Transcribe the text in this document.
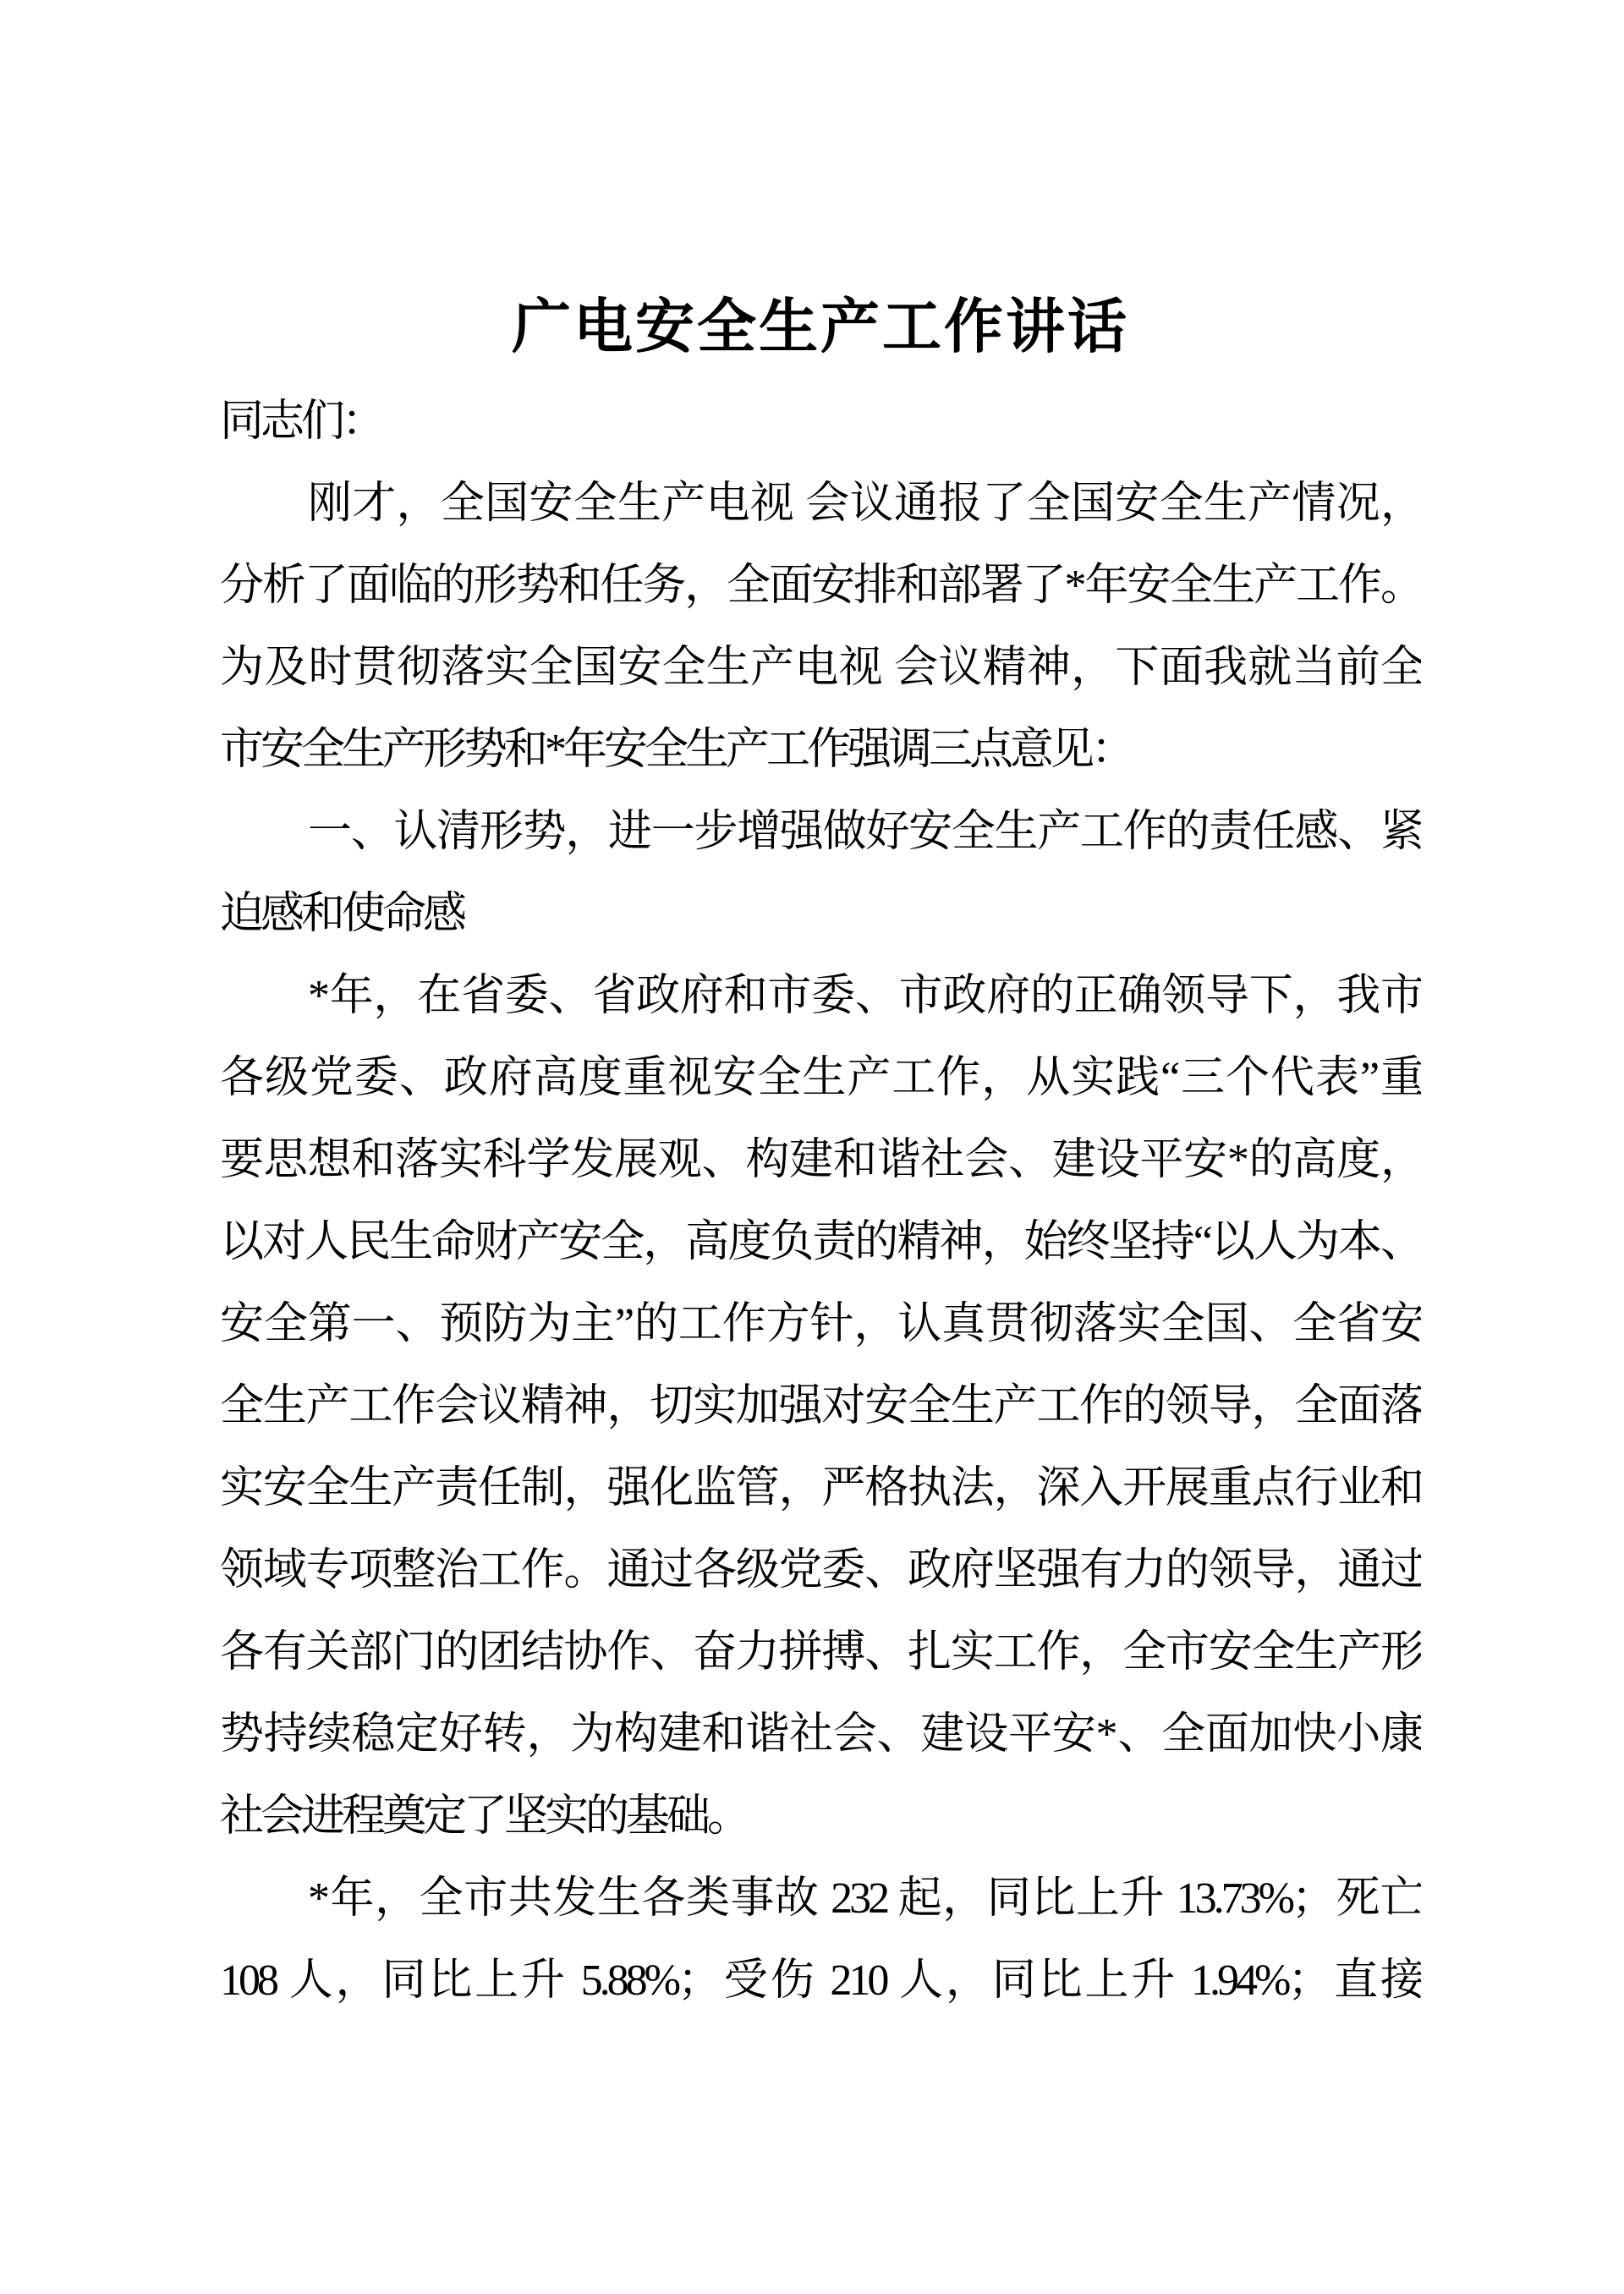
广电安全生产工作讲话
同志们：
刚才，全国安全生产电视 会议通报了全国安全生产情况，
分析了面临的形势和任务，全面安排和部署了*年安全生产工作。
为及时贯彻落实全国安全生产电视 会议精神，下面我就当前全
市安全生产形势和*年安全生产工作强调三点意见：
一、认清形势，进一步增强做好安全生产工作的责任感、紧
迫感和使命感
*年，在省委、省政府和市委、市政府的正确领导下，我市
各级党委、政府高度重视安全生产工作，从实践“三个代表”重
要思想和落实科学发展观、构建和谐社会、建设平安*的高度，
以对人民生命财产安全，高度负责的精神，始终坚持“以人为本、
安全第一、预防为主”的工作方针，认真贯彻落实全国、全省安
全生产工作会议精神，切实加强对安全生产工作的领导，全面落
实安全生产责任制，强化监管，严格执法，深入开展重点行业和
领域专项整治工作。通过各级党委、政府坚强有力的领导，通过
各有关部门的团结协作、奋力拼搏、扎实工作，全市安全生产形
势持续稳定好转，为构建和谐社会、建设平安*、全面加快小康
社会进程奠定了坚实的基础。
*年，全市共发生各类事故 232 起，同比上升 13.73%；死亡
108 人，同比上升 5.88%；受伤 210 人，同比上升 1.94%；直接
